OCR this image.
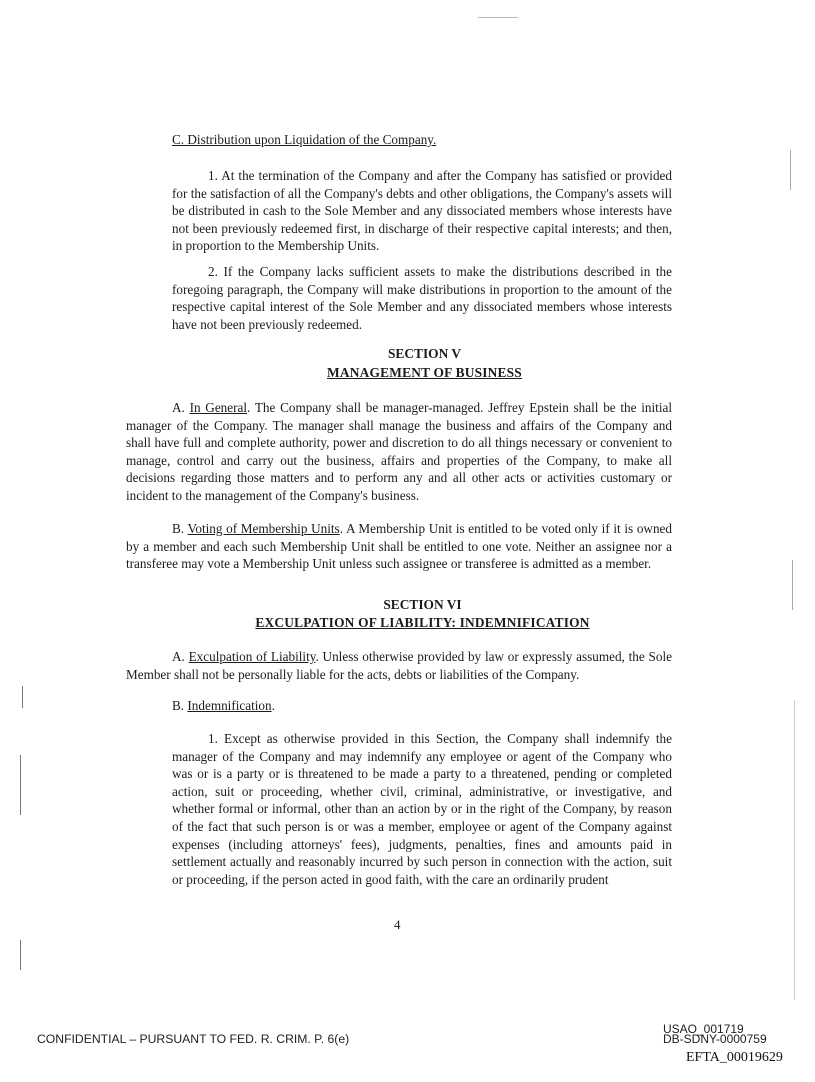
C. Distribution upon Liquidation of the Company.
1. At the termination of the Company and after the Company has satisfied or provided for the satisfaction of all the Company's debts and other obligations, the Company's assets will be distributed in cash to the Sole Member and any dissociated members whose interests have not been previously redeemed first, in discharge of their respective capital interests; and then, in proportion to the Membership Units.
2. If the Company lacks sufficient assets to make the distributions described in the foregoing paragraph, the Company will make distributions in proportion to the amount of the respective capital interest of the Sole Member and any dissociated members whose interests have not been previously redeemed.
SECTION V
MANAGEMENT OF BUSINESS
A. In General. The Company shall be manager-managed. Jeffrey Epstein shall be the initial manager of the Company. The manager shall manage the business and affairs of the Company and shall have full and complete authority, power and discretion to do all things necessary or convenient to manage, control and carry out the business, affairs and properties of the Company, to make all decisions regarding those matters and to perform any and all other acts or activities customary or incident to the management of the Company's business.
B. Voting of Membership Units. A Membership Unit is entitled to be voted only if it is owned by a member and each such Membership Unit shall be entitled to one vote. Neither an assignee nor a transferee may vote a Membership Unit unless such assignee or transferee is admitted as a member.
SECTION VI
EXCULPATION OF LIABILITY: INDEMNIFICATION
A. Exculpation of Liability. Unless otherwise provided by law or expressly assumed, the Sole Member shall not be personally liable for the acts, debts or liabilities of the Company.
B. Indemnification.
1. Except as otherwise provided in this Section, the Company shall indemnify the manager of the Company and may indemnify any employee or agent of the Company who was or is a party or is threatened to be made a party to a threatened, pending or completed action, suit or proceeding, whether civil, criminal, administrative, or investigative, and whether formal or informal, other than an action by or in the right of the Company, by reason of the fact that such person is or was a member, employee or agent of the Company against expenses (including attorneys' fees), judgments, penalties, fines and amounts paid in settlement actually and reasonably incurred by such person in connection with the action, suit or proceeding, if the person acted in good faith, with the care an ordinarily prudent
4
CONFIDENTIAL – PURSUANT TO FED. R. CRIM. P. 6(e)
USAO_001719
DB-SDNY-0000759
EFTA_00019629
